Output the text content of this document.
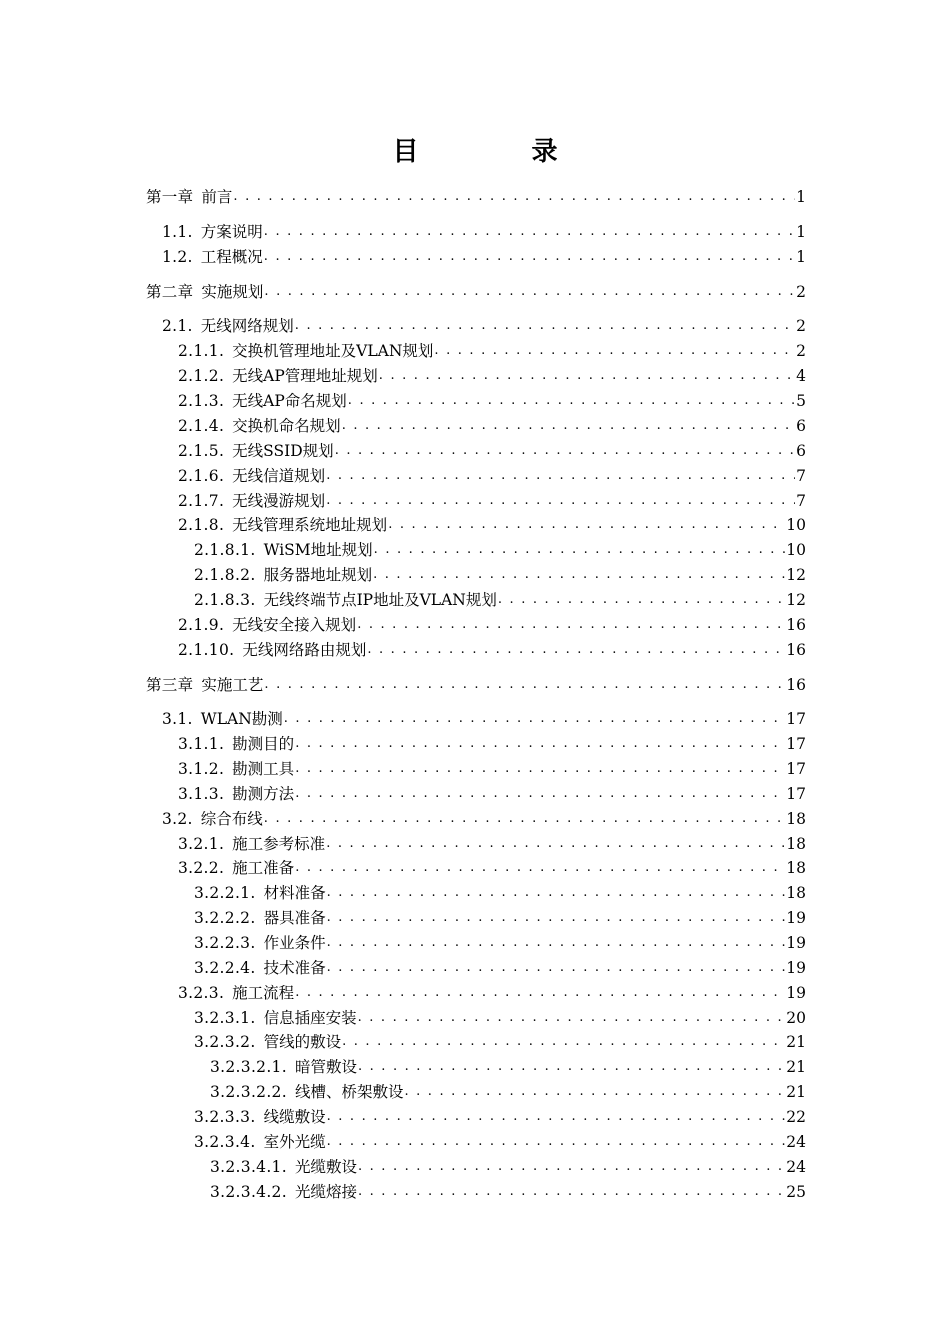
目 录
第一章 前言 . . .	1
1.1. 方案说明 . . .	1
1.2. 工程概况 . . .	1
第二章 实施规划 . . .	2
2.1. 无线网络规划 . . .	2
2.1.1. 交换机管理地址及VLAN规划 . . .	2
2.1.2. 无线AP管理地址规划 . . .	4
2.1.3. 无线AP命名规划 . . .	5
2.1.4. 交换机命名规划 . . .	6
2.1.5. 无线SSID规划 . . .	6
2.1.6. 无线信道规划 . . .	7
2.1.7. 无线漫游规划 . . .	7
2.1.8. 无线管理系统地址规划 . . .	10
2.1.8.1. WiSM地址规划 . . .	10
2.1.8.2. 服务器地址规划 . . .	12
2.1.8.3. 无线终端节点IP地址及VLAN规划 . . .	12
2.1.9. 无线安全接入规划 . . .	16
2.1.10. 无线网络路由规划 . . .	16
第三章 实施工艺 . . .	16
3.1. WLAN勘测 . . .	17
3.1.1. 勘测目的 . . .	17
3.1.2. 勘测工具 . . .	17
3.1.3. 勘测方法 . . .	17
3.2. 综合布线 . . .	18
3.2.1. 施工参考标准 . . .	18
3.2.2. 施工准备 . . .	18
3.2.2.1. 材料准备 . . .	18
3.2.2.2. 器具准备 . . .	19
3.2.2.3. 作业条件 . . .	19
3.2.2.4. 技术准备 . . .	19
3.2.3. 施工流程 . . .	19
3.2.3.1. 信息插座安装 . . .	20
3.2.3.2. 管线的敷设 . . .	21
3.2.3.2.1. 暗管敷设 . . .	21
3.2.3.2.2. 线槽、桥架敷设 . . .	21
3.2.3.3. 线缆敷设 . . .	22
3.2.3.4. 室外光缆 . . .	24
3.2.3.4.1. 光缆敷设 . . .	24
3.2.3.4.2. 光缆熔接 . . .	25
